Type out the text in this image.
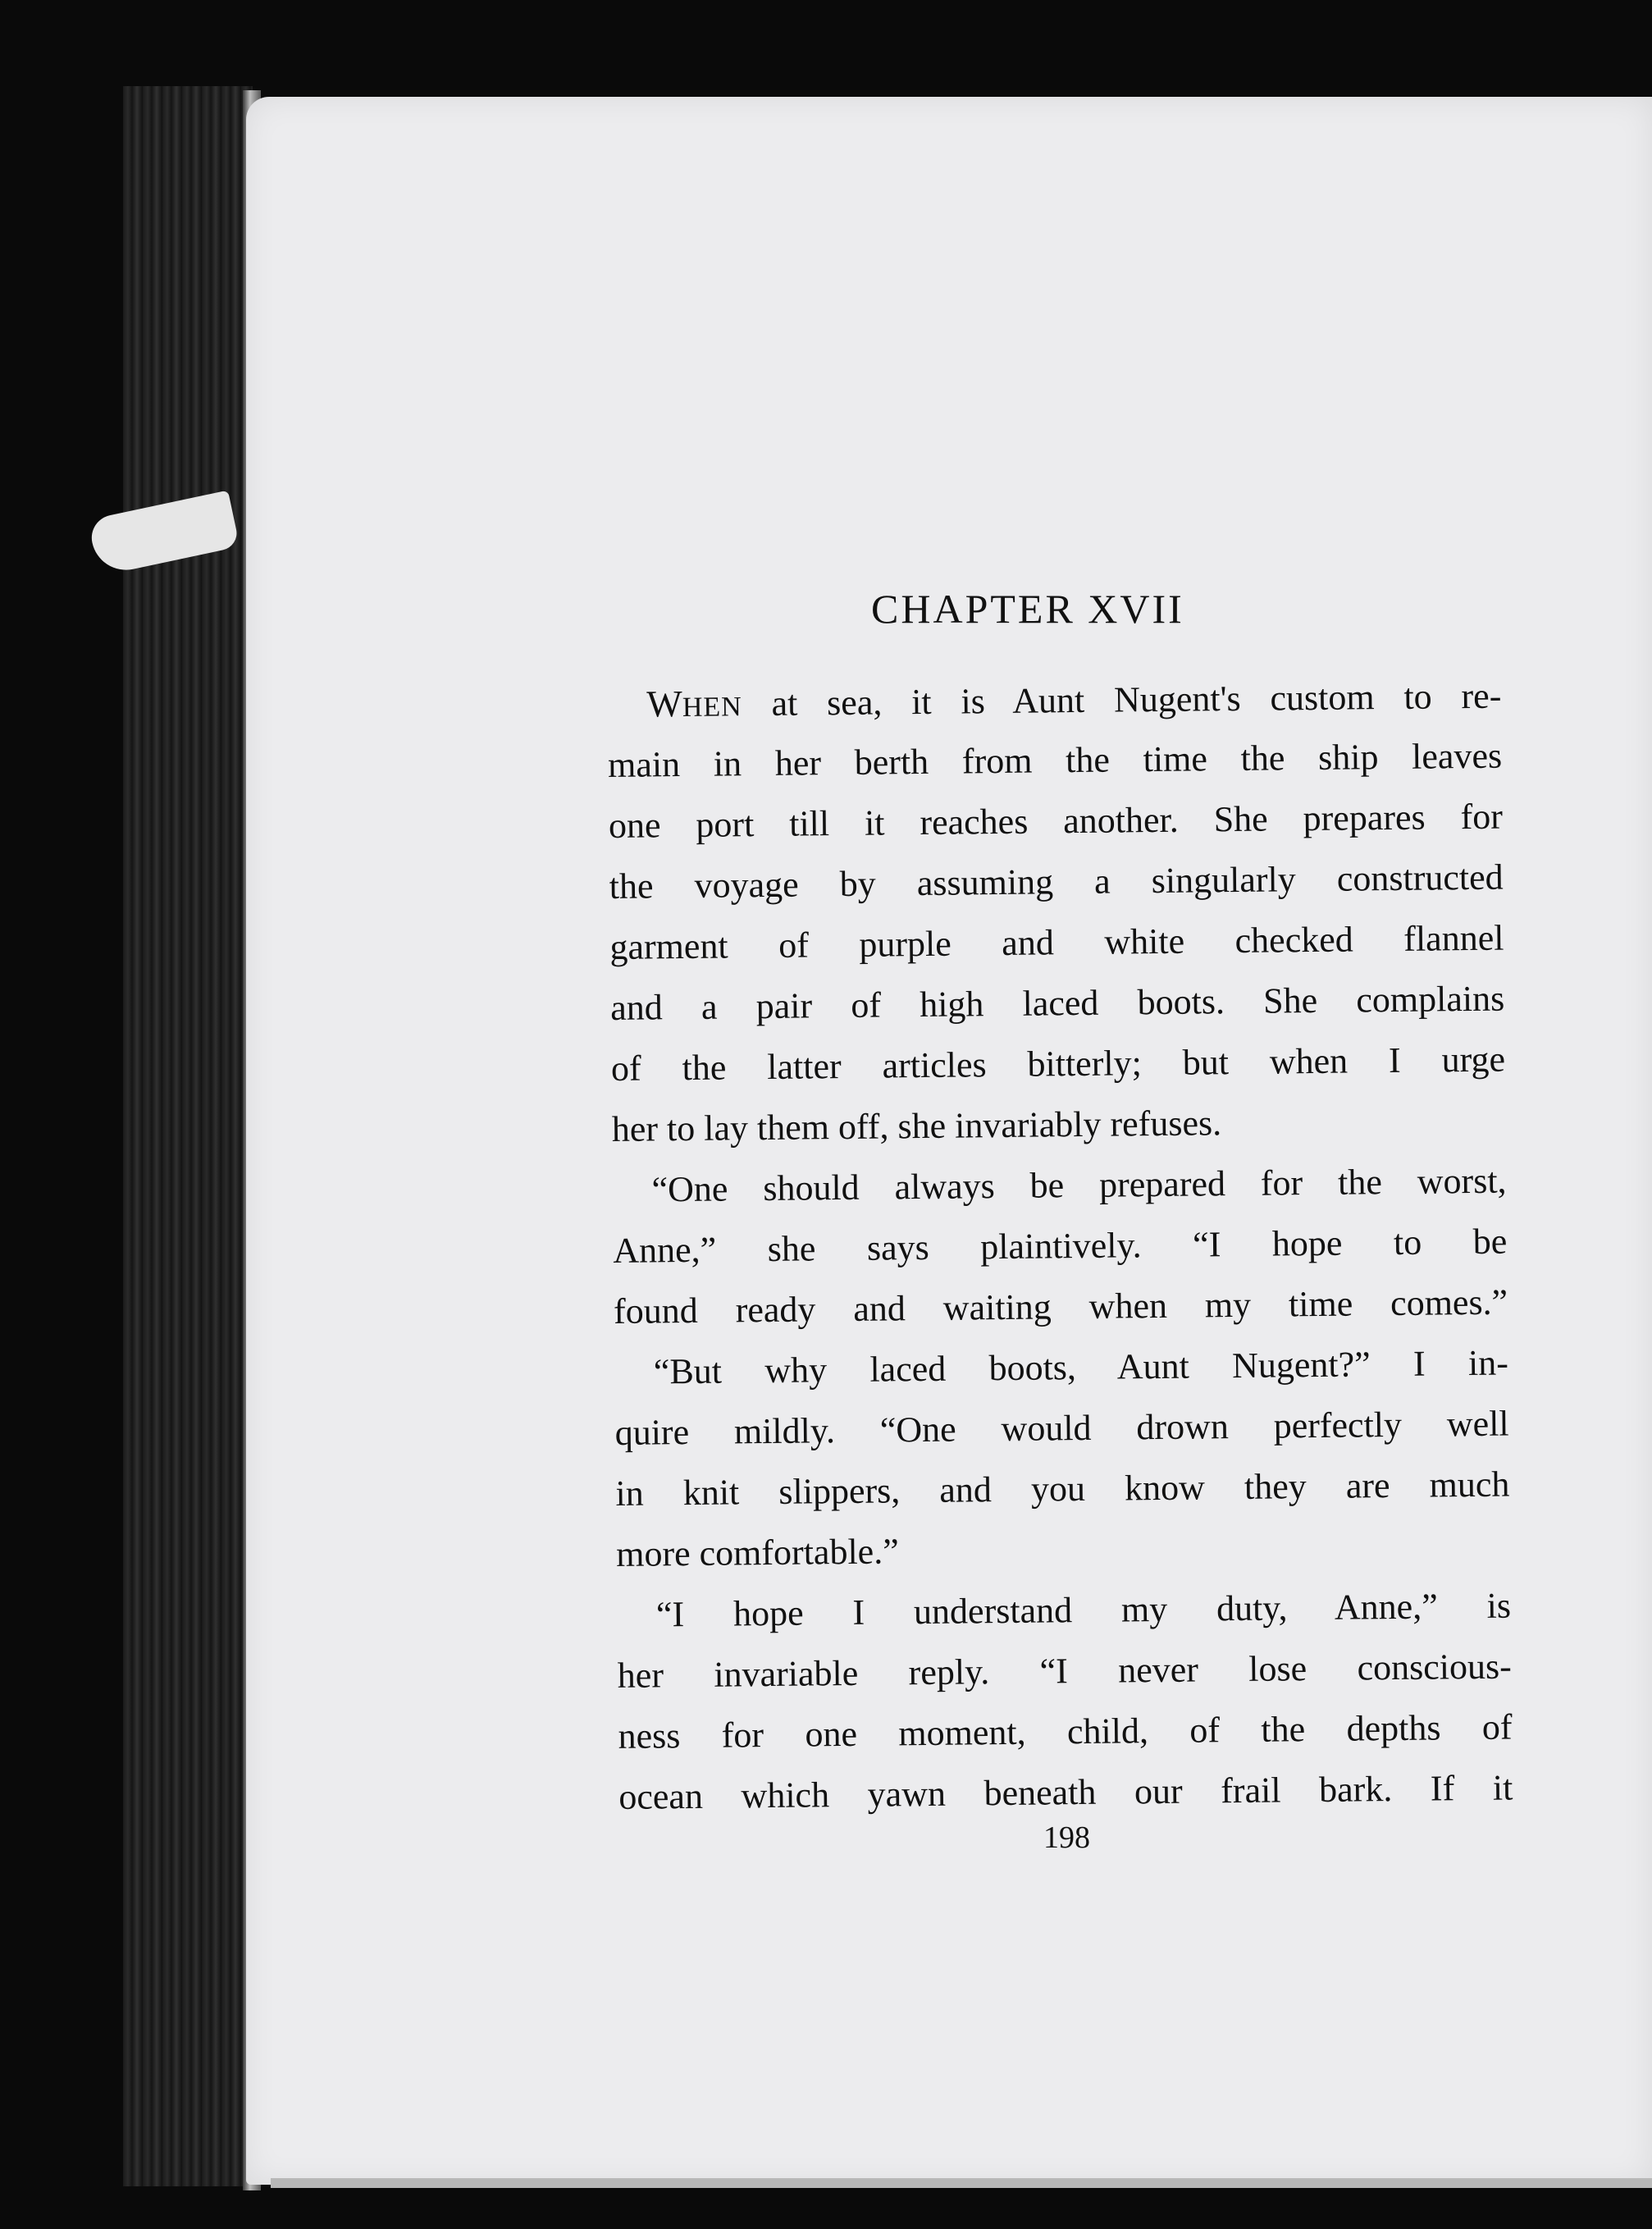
CHAPTER XVII
WHEN at sea, it is Aunt Nugent's custom to re-
main in her berth from the time the ship leaves
one port till it reaches another. She prepares for
the voyage by assuming a singularly constructed
garment of purple and white checked flannel
and a pair of high laced boots. She complains
of the latter articles bitterly; but when I urge
her to lay them off, she invariably refuses.
“One should always be prepared for the worst,
Anne,” she says plaintively. “I hope to be
found ready and waiting when my time comes.”
“But why laced boots, Aunt Nugent?” I in-
quire mildly. “One would drown perfectly well
in knit slippers, and you know they are much
more comfortable.”
“I hope I understand my duty, Anne,” is
her invariable reply. “I never lose conscious-
ness for one moment, child, of the depths of
ocean which yawn beneath our frail bark. If it
198
